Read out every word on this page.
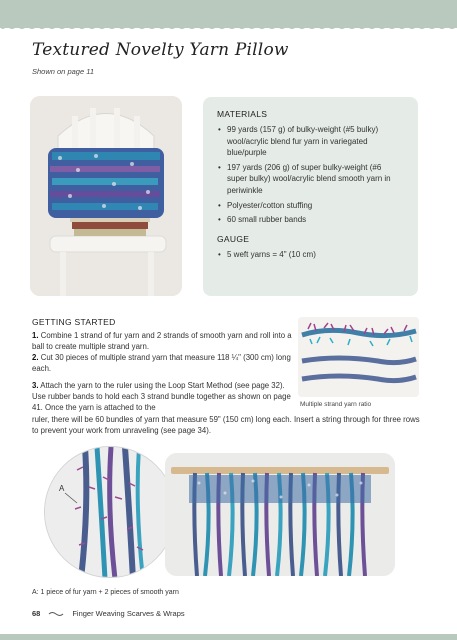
Textured Novelty Yarn Pillow
Shown on page 11
MATERIALS
• 99 yards (157 g) of bulky-weight (#5 bulky) wool/acrylic blend fur yarn in variegated blue/purple
• 197 yards (206 g) of super bulky-weight (#6 super bulky) wool/acrylic blend smooth yarn in periwinkle
• Polyester/cotton stuffing
• 60 small rubber bands
GAUGE
• 5 weft yarns = 4" (10 cm)
GETTING STARTED
1. Combine 1 strand of fur yarn and 2 strands of smooth yarn and roll into a ball to create multiple strand yarn.
2. Cut 30 pieces of multiple strand yarn that measure 118 ¼" (300 cm) long each.
3. Attach the yarn to the ruler using the Loop Start Method (see page 32). Use rubber bands to hold each 3 strand bundle together as shown on page 41. Once the yarn is attached to the
ruler, there will be 60 bundles of yarn that measure 59" (150 cm) long each. Insert a string through for three rows to prevent your work from unraveling (see page 34).
Multiple strand yarn ratio
A
A: 1 piece of fur yarn + 2 pieces of smooth yarn
68	Finger Weaving Scarves & Wraps
